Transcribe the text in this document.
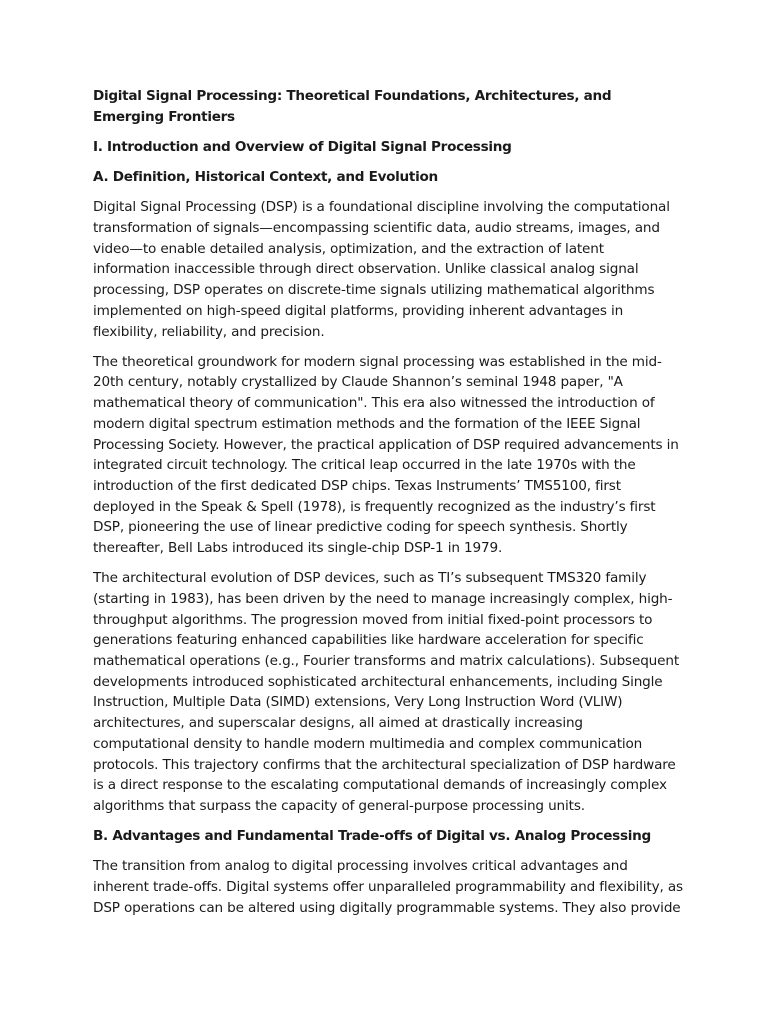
Digital Signal Processing: Theoretical Foundations, Architectures, and Emerging Frontiers
I. Introduction and Overview of Digital Signal Processing
A. Definition, Historical Context, and Evolution

Digital Signal Processing (DSP) is a foundational discipline involving the computational transformation of signals—encompassing scientific data, audio streams, images, and video—to enable detailed analysis, optimization, and the extraction of latent information inaccessible through direct observation. Unlike classical analog signal processing, DSP operates on discrete-time signals utilizing mathematical algorithms implemented on high-speed digital platforms, providing inherent advantages in flexibility, reliability, and precision.

The theoretical groundwork for modern signal processing was established in the mid-20th century, notably crystallized by Claude Shannon’s seminal 1948 paper, "A mathematical theory of communication". This era also witnessed the introduction of modern digital spectrum estimation methods and the formation of the IEEE Signal Processing Society. However, the practical application of DSP required advancements in integrated circuit technology. The critical leap occurred in the late 1970s with the introduction of the first dedicated DSP chips. Texas Instruments’ TMS5100, first deployed in the Speak & Spell (1978), is frequently recognized as the industry’s first DSP, pioneering the use of linear predictive coding for speech synthesis. Shortly thereafter, Bell Labs introduced its single-chip DSP-1 in 1979.

The architectural evolution of DSP devices, such as TI’s subsequent TMS320 family (starting in 1983), has been driven by the need to manage increasingly complex, high-throughput algorithms. The progression moved from initial fixed-point processors to generations featuring enhanced capabilities like hardware acceleration for specific mathematical operations (e.g., Fourier transforms and matrix calculations). Subsequent developments introduced sophisticated architectural enhancements, including Single Instruction, Multiple Data (SIMD) extensions, Very Long Instruction Word (VLIW) architectures, and superscalar designs, all aimed at drastically increasing computational density to handle modern multimedia and complex communication protocols. This trajectory confirms that the architectural specialization of DSP hardware is a direct response to the escalating computational demands of increasingly complex algorithms that surpass the capacity of general-purpose processing units.

B. Advantages and Fundamental Trade-offs of Digital vs. Analog Processing

The transition from analog to digital processing involves critical advantages and inherent trade-offs. Digital systems offer unparalleled programmability and flexibility, as DSP operations can be altered using digitally programmable systems. They also provide
